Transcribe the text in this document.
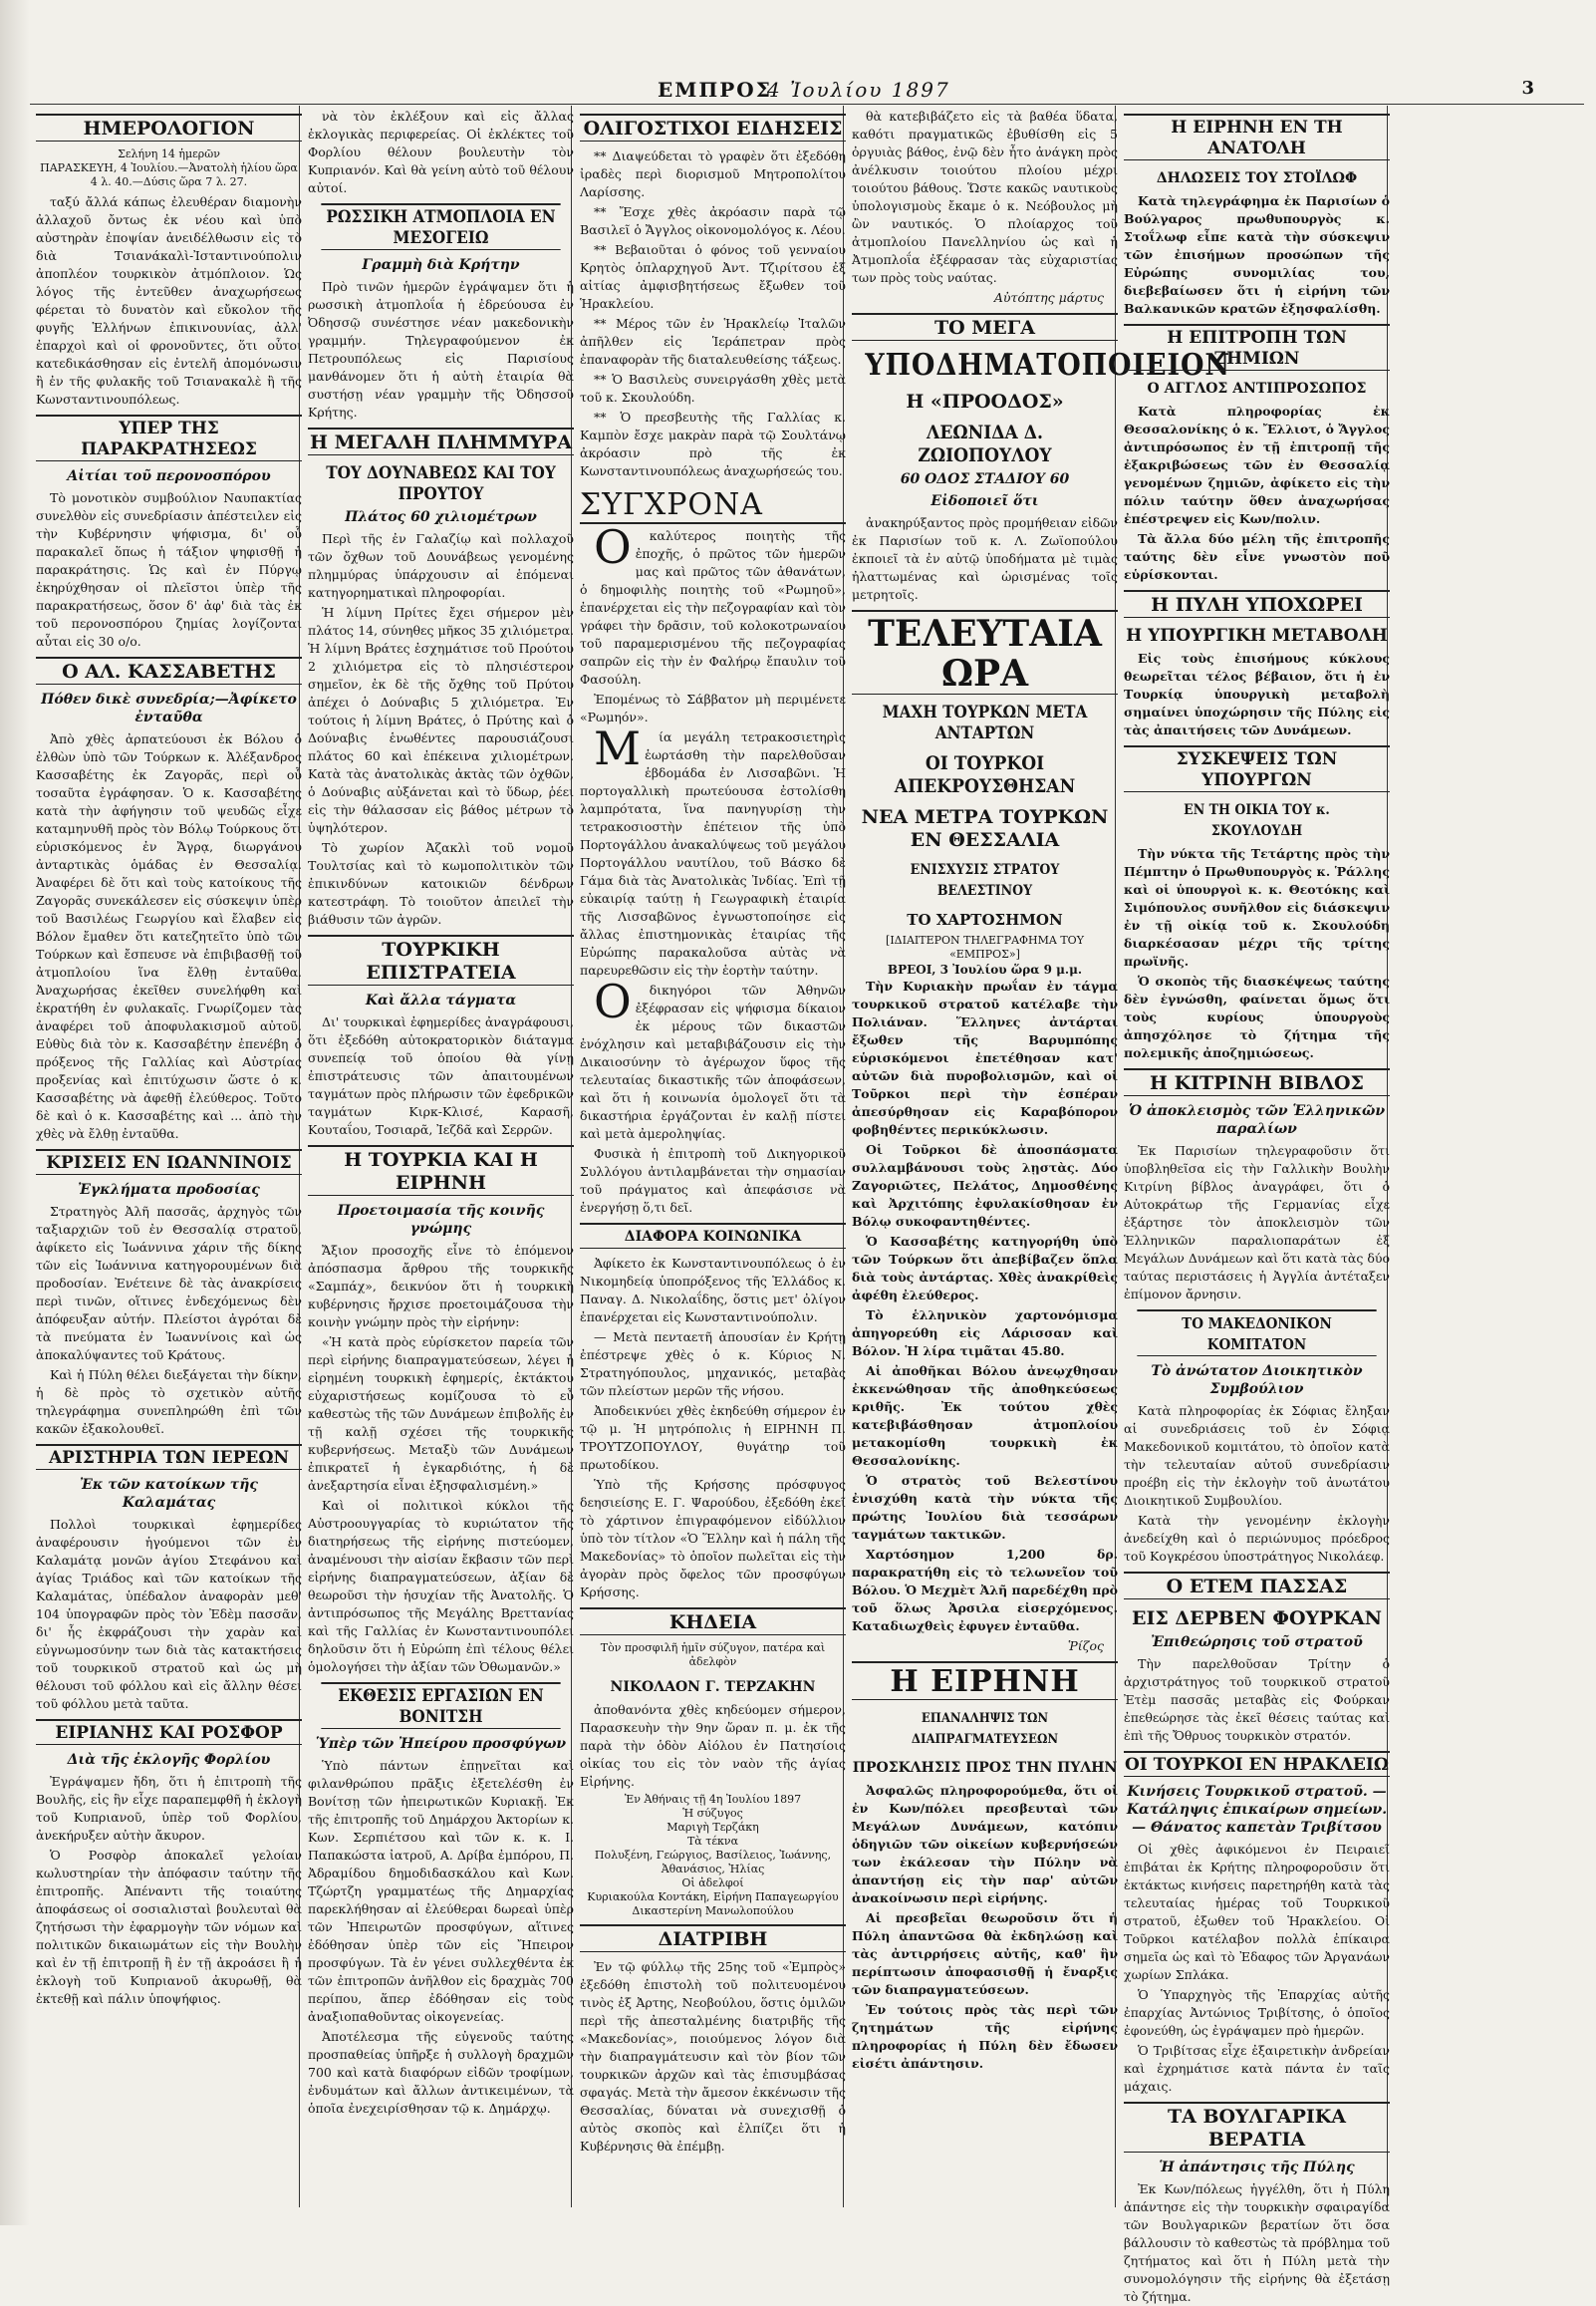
ΕΜΠΡΟΣ
4 Ἰουλίου 1897	3
ΗΜΕΡΟΛΟΓΙΟΝ
Σελήνη 14 ἡμερῶν
ΠΑΡΑΣΚΕΥΗ, 4 Ἰουλίου.—Ἀνατολὴ ἡλίου ὥρα 4 λ. 40.—Δύσις ὥρα 7 λ. 27.
ταξύ ἄλλά κάπως ἐλευθέραν διαμονὴν ἀλλαχοῦ ὄντως ἐκ νέου καὶ ὑπὸ αὐστηρὰν ἐποψίαν ἀνειδέλθωσιν εἰς τὸ διὰ Τσιανάκαλὶ-Ἰσταντινούπολιν ἀποπλέον τουρκικὸν ἀτμόπλοιον. Ὡς λόγος τῆς ἐντεῦθεν ἀναχωρήσεως φέρεται τὸ δυνατὸν καὶ εὔκολον τῆς φυγῆς Ἑλλήνων ἐπικινουνίας, ἀλλ' ἐπαρχοὶ καὶ οἱ φρονοῦντες, ὅτι οὗτοι κατεδικάσθησαν εἰς ἐντελῆ ἀπομόνωσιν ἢ ἐν τῆς φυλακῆς τοῦ Τσιανακαλὲ ἢ τῆς Κωνσταντινουπόλεως.
ΥΠΕΡ ΤΗΣ ΠΑΡΑΚΡΑΤΗΣΕΩΣ
Αἰτίαι τοῦ περονοσπόρου
Τὸ μονοτικὸν συμβούλιον Ναυπακτίας συνελθὸν εἰς συνεδρίασιν ἀπέστειλεν εἰς τὴν Κυβέρνησιν ψήφισμα, δι' οὗ παρακαλεῖ ὅπως ἡ τάξιον ψηφισθῇ ἡ παρακράτησις. Ὡς καὶ ἐν Πύργῳ ἐκηρύχθησαν οἱ πλεῖστοι ὑπὲρ τῆς παρακρατήσεως, ὅσον δ' ἀφ' διὰ τὰς ἐκ τοῦ περονοσπόρου ζημίας λογίζονται αὗται εἰς 30 ο/ο.
Ο ΑΛ. ΚΑΣΣΑΒΕΤΗΣ
Πόθεν δικὲ συνεδρία;—Ἀφίκετο ἐνταῦθα
Ἀπὸ χθὲς ἀρπατεύουσι ἐκ Βόλου ὁ ἐλθὼν ὑπὸ τῶν Τούρκων κ. Ἀλέξανδρος Κασσαβέτης ἐκ Ζαγορᾶς, περὶ οὗ τοσαῦτα ἐγράφησαν. Ὁ κ. Κασσαβέτης κατὰ τὴν ἀφήγησιν τοῦ ψευδῶς εἶχε καταμηνυθῆ πρὸς τὸν Βόλῳ Τούρκους ὅτι εὑρισκόμενος ἐν Ἄγρᾳ, διωργάνου ἀνταρτικὰς ὁμάδας ἐν Θεσσαλίᾳ. Ἀναφέρει δὲ ὅτι καὶ τοὺς κατοίκους τῆς Ζαγορᾶς συνεκάλεσεν εἰς σύσκεψιν ὑπὲρ τοῦ Βασιλέως Γεωργίου καὶ ἔλαβεν εἰς Βόλον ἔμαθεν ὅτι κατεζητεῖτο ὑπὸ τῶν Τούρκων καὶ ἔσπευσε νὰ ἐπιβιβασθῇ τοῦ ἀτμοπλοίου ἵνα ἔλθῃ ἐνταῦθα. Ἀναχωρήσας ἐκεῖθεν συνελήφθη καὶ ἐκρατήθη ἐν φυλακαῖς. Γνωρίζομεν τὰς ἀναφέρει τοῦ ἀποφυλακισμοῦ αὐτοῦ. Εὐθὺς διὰ τὸν κ. Κασσαβέτην ἐπενέβη ὁ πρόξενος τῆς Γαλλίας καὶ Αὐστρίας προξενίας καὶ ἐπιτύχωσιν ὥστε ὁ κ. Κασσαβέτης νὰ ἀφεθῇ ἐλεύθερος. Τοῦτο δὲ καὶ ὁ κ. Κασσαβέτης καὶ ... ἀπὸ τὴν χθὲς νὰ ἔλθῃ ἐνταῦθα.
ΚΡΙΣΕΙΣ ΕΝ ΙΩΑΝΝΙΝΟΙΣ
Ἐγκλήματα προδοσίας
Στρατηγὸς Ἀλῆ πασσᾶς, ἀρχηγὸς τῶν ταξιαρχιῶν τοῦ ἐν Θεσσαλίᾳ στρατοῦ, ἀφίκετο εἰς Ἰωάννινα χάριν τῆς δίκης τῶν εἰς Ἰωάννινα κατηγορουμένων διὰ προδοσίαν. Ἐνέτεινε δὲ τὰς ἀνακρίσεις περὶ τινῶν, οἵτινες ἐνδεχόμενως δὲν ἀπόφευξαν αὐτήν. Πλείστοι ἀγρόται δὲ τὰ πνεύματα ἐν Ἰωαννίνοις καὶ ὡς ἀποκαλύψαντες τοῦ Κράτους.
Καὶ ἡ Πύλη θέλει διεξάγεται τὴν δίκην, ἡ δὲ πρὸς τὸ σχετικὸν αὐτῆς τηλεγράφημα συνεπληρώθη ἐπὶ τῶν κακῶν ἐξακολουθεῖ.
ΑΡΙΣΤΗΡΙΑ ΤΩΝ ΙΕΡΕΩΝ
Ἐκ τῶν κατοίκων τῆς Καλαμάτας
Πολλοὶ τουρκικαὶ ἐφημερίδες ἀναφέρουσιν ἡγούμενοι τῶν ἐν Καλαμάτᾳ μονῶν ἁγίου Στεφάνου καὶ ἁγίας Τριάδος καὶ τῶν κατοίκων τῆς Καλαμάτας, ὑπέδαλον ἀναφορὰν μεθ' 104 ὑπογραφῶν πρὸς τὸν Ἐδὲμ πασσᾶν, δι' ἧς ἐκφράζουσι τὴν χαρὰν καὶ εὐγνωμοσύνην των διὰ τὰς κατακτήσεις τοῦ τουρκικοῦ στρατοῦ καὶ ὡς μὴ θέλουσι τοῦ φόλλου καὶ εἰς ἄλλην θέσει τοῦ φόλλου μετὰ ταῦτα.
ΕΙΡΙΑΝΗΣ ΚΑΙ ΡΟΣΦΟΡ
Διὰ τῆς ἐκλογῆς Φορλίου
Ἐγράψαμεν ἤδη, ὅτι ἡ ἐπιτροπὴ τῆς Βουλῆς, εἰς ἣν εἶχε παραπεμφθῆ ἡ ἐκλογὴ τοῦ Κυπριανοῦ, ὑπὲρ τοῦ Φορλίου, ἀνεκήρυξεν αὐτὴν ἄκυρον.
Ὁ Ροσφὸρ ἀποκαλεῖ γελοίαν κωλυστηρίαν τὴν ἀπόφασιν ταύτην τῆς ἐπιτροπῆς. Ἀπέναντι τῆς τοιαύτης ἀποφάσεως οἱ σοσιαλισταὶ βουλευταὶ θὰ ζητήσωσι τὴν ἐφαρμογὴν τῶν νόμων καὶ πολιτικῶν δικαιωμάτων εἰς τὴν Βουλὴν καὶ ἐν τῇ ἐπιτροπῇ ἢ ἐν τῇ ἀκροάσει ἢ ἡ ἐκλογὴ τοῦ Κυπριανοῦ ἀκυρωθῇ, θὰ ἐκτεθῇ καὶ πάλιν ὑποψήφιος.
νὰ τὸν ἐκλέξουν καὶ εἰς ἄλλας ἐκλογικὰς περιφερείας. Οἱ ἐκλέκτες τοῦ Φορλίου θέλουν βουλευτὴν τὸν Κυπριανόν. Καὶ θὰ γείνη αὐτὸ τοῦ θέλουν αὐτοί.
ΡΩΣΣΙΚΗ ΑΤΜΟΠΛΟΙΑ ΕΝ ΜΕΣΟΓΕΙΩ
Γραμμὴ διὰ Κρήτην
Πρὸ τινῶν ἡμερῶν ἐγράψαμεν ὅτι ἡ ρωσσικὴ ἀτμοπλοΐα ἡ ἐδρεύουσα ἐν Ὀδησσῷ συνέστησε νέαν μακεδονικὴν γραμμήν. Τηλεγραφούμενον ἐκ Πετρουπόλεως εἰς Παρισίους μανθάνομεν ὅτι ἡ αὐτὴ ἑταιρία θὰ συστήσῃ νέαν γραμμὴν τῆς Ὀδησσοῦ Κρήτης.
Η ΜΕΓΑΛΗ ΠΛΗΜΜΥΡΑ
ΤΟΥ ΔΟΥΝΑΒΕΩΣ ΚΑΙ ΤΟΥ ΠΡΟΥΤΟΥ
Πλάτος 60 χιλιομέτρων
Περὶ τῆς ἐν Γαλαζίῳ καὶ πολλαχοῦ τῶν ὄχθων τοῦ Δουνάβεως γενομένης πλημμύρας ὑπάρχουσιν αἱ ἑπόμεναι κατηγορηματικαὶ πληροφορίαι.
Ἡ λίμνη Πρίτες ἔχει σήμερον μὲν πλάτος 14, σύνηθες μῆκος 35 χιλιόμετρα. Ἡ λίμνη Βράτες ἐσχημάτισε τοῦ Προύτου 2 χιλιόμετρα εἰς τὸ πλησιέστερον σημεῖον, ἐκ δὲ τῆς ὄχθης τοῦ Πρύτου ἀπέχει ὁ Δούναβις 5 χιλιόμετρα. Ἐν τούτοις ἡ λίμνη Βράτες, ὁ Πρύτης καὶ ὁ Δούναβις ἑνωθέντες παρουσιάζουσι πλάτος 60 καὶ ἐπέκεινα χιλιομέτρων. Κατὰ τὰς ἀνατολικὰς ἀκτὰς τῶν ὀχθῶν, ὁ Δούναβις αὐξάνεται καὶ τὸ ὕδωρ, ῥέει εἰς τὴν θάλασσαν εἰς βάθος μέτρων τὸ ὑψηλότερον.
Τὸ χωρίον Ἀζακλὶ τοῦ νομοῦ Τουλτσίας καὶ τὸ κωμοπολιτικὸν τῶν ἐπικινδύνων κατοικιῶν δένδρων κατεστράφη. Τὸ τοιοῦτον ἀπειλεῖ τὴν βιάθυσιν τῶν ἀγρῶν.
ΤΟΥΡΚΙΚΗ ΕΠΙΣΤΡΑΤΕΙΑ
Καὶ ἄλλα τάγματα
Δι' τουρκικαὶ ἐφημερίδες ἀναγράφουσι, ὅτι ἐξεδόθη αὐτοκρατορικὸν διάταγμα συνεπείᾳ τοῦ ὁποίου θὰ γίνῃ ἐπιστράτευσις τῶν ἀπαιτουμένων ταγμάτων πρὸς πλήρωσιν τῶν ἐφεδρικῶν ταγμάτων Κιρκ-Κλισέ, Καρασῆ, Κουταΐου, Τοσιαρᾶ, Ἰεζδᾶ καὶ Σερρῶν.
Η ΤΟΥΡΚΙΑ ΚΑΙ Η ΕΙΡΗΝΗ
Προετοιμασία τῆς κοινῆς γνώμης
Ἄξιον προσοχῆς εἶνε τὸ ἑπόμενον ἀπόσπασμα ἄρθρου τῆς τουρκικῆς «Σαμπάχ», δεικνύον ὅτι ἡ τουρκικὴ κυβέρνησις ἤρχισε προετοιμάζουσα τὴν κοινὴν γνώμην πρὸς τὴν εἰρήνην:
«Ἡ κατὰ πρὸς εὑρίσκετον παρεία τῶν περὶ εἰρήνης διαπραγματεύσεων, λέγει ἡ εἰρημένη τουρκικὴ ἐφημερίς, ἐκτάκτου εὐχαριστήσεως κομίζουσα τὸ εὖ καθεστὼς τῆς τῶν Δυνάμεων ἐπιβολῆς ἐν τῇ καλῇ σχέσει τῆς τουρκικῆς κυβερνήσεως. Μεταξὺ τῶν Δυνάμεων ἐπικρατεῖ ἡ ἐγκαρδιότης, ἡ δὲ ἀνεξαρτησία εἶναι ἐξησφαλισμένη.»
Καὶ οἱ πολιτικοὶ κύκλοι τῆς Αὐστροουγγαρίας τὸ κυριώτατον τῆς διατηρήσεως τῆς εἰρήνης πιστεύομεν, ἀναμένουσι τὴν αἰσίαν ἔκβασιν τῶν περὶ εἰρήνης διαπραγματεύσεων, ἀξίαν δὲ θεωροῦσι τὴν ἡσυχίαν τῆς Ἀνατολῆς. Ὁ ἀντιπρόσωπος τῆς Μεγάλης Βρεττανίας καὶ τῆς Γαλλίας ἐν Κωνσταντινουπόλει δηλοῦσιν ὅτι ἡ Εὐρώπη ἐπὶ τέλους θέλει ὁμολογήσει τὴν ἀξίαν τῶν Ὀθωμανῶν.»
ΕΚΘΕΣΙΣ ΕΡΓΑΣΙΩΝ ΕΝ ΒΟΝΙΤΣΗ
Ὑπὲρ τῶν Ἠπείρου προσφύγων
Ὑπὸ πάντων ἐπῃνεῖται καὶ φιλανθρώπου πρᾶξις ἐξετελέσθη ἐν Βονίτσῃ τῶν ἠπειρωτικῶν Κυριακῇ. Ἐκ τῆς ἐπιτροπῆς τοῦ Δημάρχου Ἀκτορίων κ. Κων. Σερπιέτσου καὶ τῶν κ. κ. Ι. Παπακώστα ἰατροῦ, Α. Δρίβα ἐμπόρου, Π. Ἀδραμίδου δημοδιδασκάλου καὶ Κων. Τζώρτζη γραμματέως τῆς Δημαρχίας παρεκλήθησαν αἱ ἐλεύθεραι δωρεαὶ ὑπὲρ τῶν Ἠπειρωτῶν προσφύγων, αἵτινες ἐδόθησαν ὑπὲρ τῶν εἰς Ἤπειρον προσφύγων. Τὰ ἐν γένει συλλεχθέντα ἐκ τῶν ἐπιτροπῶν ἀνῆλθον εἰς δραχμὰς 700 περίπου, ἅπερ ἐδόθησαν εἰς τοὺς ἀναξιοπαθοῦντας οἰκογενείας.
Ἀποτέλεσμα τῆς εὐγενοῦς ταύτης προσπαθείας ὑπῆρξε ἡ συλλογὴ δραχμῶν 700 καὶ κατὰ διαφόρων εἰδῶν τροφίμων, ἐνδυμάτων καὶ ἄλλων ἀντικειμένων, τὰ ὁποῖα ἐνεχειρίσθησαν τῷ κ. Δημάρχῳ.
ΟΛΙΓΟΣΤΙΧΟΙ ΕΙΔΗΣΕΙΣ
** Διαψεύδεται τὸ γραφὲν ὅτι ἐξεδόθη ἰραδὲς περὶ διορισμοῦ Μητροπολίτου Λαρίσσης.
** Ἔσχε χθὲς ἀκρόασιν παρὰ τῷ Βασιλεῖ ὁ Ἄγγλος οἰκονομολόγος κ. Λέου.
** Βεβαιοῦται ὁ φόνος τοῦ γενναίου Κρητὸς ὁπλαρχηγοῦ Ἀντ. Τζιρίτσου ἐξ αἰτίας ἀμφισβητήσεως ἔξωθεν τοῦ Ἡρακλείου.
** Μέρος τῶν ἐν Ἡρακλείῳ Ἰταλῶν ἀπῆλθεν εἰς Ἱεράπετραν πρὸς ἐπαναφορὰν τῆς διαταλευθείσης τάξεως.
** Ὁ Βασιλεὺς συνειργάσθη χθὲς μετὰ τοῦ κ. Σκουλούδη.
** Ὁ πρεσβευτὴς τῆς Γαλλίας κ. Καμπὸν ἔσχε μακρὰν παρὰ τῷ Σουλτάνῳ ἀκρόασιν πρὸ τῆς ἐκ Κωνσταντινουπόλεως ἀναχωρήσεώς του.
ΣΥΓΧΡΟΝΑ
Ο	καλύτερος ποιητὴς τῆς ἐποχῆς, ὁ πρῶτος τῶν ἡμερῶν μας καὶ πρῶτος τῶν ἀθανάτων, ὁ δημοφιλὴς ποιητὴς τοῦ «Ρωμηοῦ», ἐπανέρχεται εἰς τὴν πεζογραφίαν καὶ τὸν γράφει τὴν δρᾶσιν, τοῦ κολοκοτρωναίου τοῦ παραμερισμένου τῆς πεζογραφίας σαπρῶν εἰς τὴν ἐν Φαλήρῳ ἔπαυλιν τοῦ Φασούλη.
Ἐπομένως τὸ Σάββατον μὴ περιμένετε «Ρωμηόν».
Μ	ία μεγάλη τετρακοσιετηρὶς ἑωρτάσθη τὴν παρελθοῦσαν ἑβδομάδα ἐν Λισσαβῶνι. Ἡ πορτογαλλικὴ πρωτεύουσα ἐστολίσθη λαμπρότατα, ἵνα πανηγυρίσῃ τὴν τετρακοσιοστὴν ἐπέτειον τῆς ὑπὸ Πορτογάλλου ἀνακαλύψεως τοῦ μεγάλου Πορτογάλλου ναυτίλου, τοῦ Βάσκο δὲ Γάμα διὰ τὰς Ἀνατολικὰς Ἰνδίας. Ἐπὶ τῇ εὐκαιρίᾳ ταύτῃ ἡ Γεωγραφικὴ ἑταιρία τῆς Λισσαβῶνος ἐγνωστοποίησε εἰς ἄλλας ἐπιστημονικὰς ἑταιρίας τῆς Εὐρώπης παρακαλοῦσα αὐτὰς νὰ παρευρεθῶσιν εἰς τὴν ἑορτὴν ταύτην.
Ο	δικηγόροι τῶν Ἀθηνῶν ἐξέφρασαν εἰς ψήφισμα δίκαιον ἐκ μέρους τῶν δικαστῶν ἐνόχλησιν καὶ μεταβιβάζουσιν εἰς τὴν Δικαιοσύνην τὸ ἀγέρωχον ὕφος τῆς τελευταίας δικαστικῆς τῶν ἀποφάσεων, καὶ ὅτι ἡ κοινωνία ὁμολογεῖ ὅτι τὰ δικαστήρια ἐργάζονται ἐν καλῇ πίστει καὶ μετὰ ἀμεροληψίας.
Φυσικὰ ἡ ἐπιτροπὴ τοῦ Δικηγορικοῦ Συλλόγου ἀντιλαμβάνεται τὴν σημασίαν τοῦ πράγματος καὶ ἀπεφάσισε νὰ ἐνεργήσῃ ὅ,τι δεῖ.
ΔΙΑΦΟΡΑ ΚΟΙΝΩΝΙΚΑ
Ἀφίκετο ἐκ Κωνσταντινουπόλεως ὁ ἐν Νικομηδείᾳ ὑποπρόξενος τῆς Ἑλλάδος κ. Παναγ. Δ. Νικολαΐδης, ὅστις μετ' ὀλίγον ἐπανέρχεται εἰς Κωνσταντινούπολιν.
— Μετὰ πενταετῆ ἀπουσίαν ἐν Κρήτῃ ἐπέστρεψε χθὲς ὁ κ. Κύριος Ν. Στρατηγόπουλος, μηχανικός, μεταβὰς τῶν πλείστων μερῶν τῆς νήσου.
Ἀποδεικνύει χθὲς ἐκηδεύθη σήμερον ἐν τῷ μ. Ἡ μητρόπολις ἡ ΕΙΡΗΝΗ Π. ΤΡΟΥΤΖΟΠΟΥΛΟΥ, θυγάτηρ τοῦ πρωτοδίκου.
Ὑπὸ τῆς Κρήσσης πρόσφυγος δεησιείσης Ε. Γ. Ψαρούδου, ἐξεδόθη ἐκεῖ τὸ χάρτινον ἐπιγραφόμενον εἰδύλλιον ὑπὸ τὸν τίτλον «Ὁ Ἕλλην καὶ ἡ πάλη τῆς Μακεδονίας» τὸ ὁποῖον πωλεῖται εἰς τὴν ἀγορὰν πρὸς ὄφελος τῶν προσφύγων Κρήσσης.
ΚΗΔΕΙΑ
Τὸν προσφιλῆ ἡμῖν σύζυγον, πατέρα καὶ ἀδελφὸν
ΝΙΚΟΛΑΟΝ Γ. ΤΕΡΖΑΚΗΝ
ἀποθανόντα χθὲς κηδεύομεν σήμερον, Παρασκευὴν τὴν 9ην ὥραν π. μ. ἐκ τῆς παρὰ τὴν ὁδὸν Αἰόλου ἐν Πατησίοις οἰκίας του εἰς τὸν ναὸν τῆς ἁγίας Εἰρήνης.
Ἐν Ἀθήναις τῇ 4η Ἰουλίου 1897
Ἡ σύζυγος
Μαριγὴ Τερζάκη
Τὰ τέκνα
Πολυξένη, Γεώργιος, Βασίλειος, Ἰωάννης, Ἀθανάσιος, Ἠλίας
Οἱ ἀδελφοί
Κυριακούλα Κοντάκη, Εἰρήνη Παπαγεωργίου Δικαστερίνη Μανωλοπούλου
ΔΙΑΤΡΙΒΗ
Ἐν τῷ φύλλῳ τῆς 25ης τοῦ «Ἐμπρὸς» ἐξεδόθη ἐπιστολὴ τοῦ πολιτευομένου τινὸς ἐξ Ἀρτης, Νεοβούλου, ὅστις ὁμιλῶν περὶ τῆς ἀπεσταλμένης διατριβῆς τῆς «Μακεδονίας», ποιούμενος λόγον διὰ τὴν διαπραγμάτευσιν καὶ τὸν βίον τῶν τουρκικῶν ἀρχῶν καὶ τὰς ἐπισυμβάσας σφαγάς. Μετὰ τὴν ἄμεσον ἐκκένωσιν τῆς Θεσσαλίας, δύναται νὰ συνεχισθῇ ὁ αὐτὸς σκοπὸς καὶ ἐλπίζει ὅτι ἡ Κυβέρνησις θὰ ἐπέμβῃ.
θὰ κατεβιβάζετο εἰς τὰ βαθέα ὕδατα, καθότι πραγματικῶς ἐβυθίσθη εἰς 5 ὀργυιὰς βάθος, ἐνῷ δὲν ἦτο ἀνάγκη πρὸς ἀνέλκυσιν τοιούτου πλοίου μέχρι τοιούτου βάθους. Ὥστε κακῶς ναυτικοὺς ὑπολογισμοὺς ἔκαμε ὁ κ. Νεόβουλος μὴ ὢν ναυτικός. Ὁ πλοίαρχος τοῦ ἀτμοπλοίου Πανελληνίου ὡς καὶ ἡ Ἀτμοπλοΐα ἐξέφρασαν τὰς εὐχαριστίας των πρὸς τοὺς ναύτας.
Αὐτόπτης μάρτυς
ΤΟ ΜΕΓΑ
ΥΠΟΔΗΜΑΤΟΠΟΙΕΙΟΝ
Η «ΠΡΟΟΔΟΣ»
ΛΕΩΝΙΔΑ Δ. ΖΩΙΟΠΟΥΛΟΥ
60 ΟΔΟΣ ΣΤΑΔΙΟΥ 60
Εἰδοποιεῖ ὅτι
ἀνακηρύξαντος πρὸς προμήθειαν εἰδῶν ἐκ Παρισίων τοῦ κ. Λ. Ζωϊοπούλου ἐκποιεῖ τὰ ἐν αὐτῷ ὑποδήματα μὲ τιμὰς ἠλαττωμένας καὶ ὡρισμένας τοῖς μετρητοῖς.
ΤΕΛΕΥΤΑΙΑ ΩΡΑ
ΜΑΧΗ ΤΟΥΡΚΩΝ ΜΕΤΑ ΑΝΤΑΡΤΩΝ
ΟΙ ΤΟΥΡΚΟΙ ΑΠΕΚΡΟΥΣΘΗΣΑΝ
ΝΕΑ ΜΕΤΡΑ ΤΟΥΡΚΩΝ ΕΝ ΘΕΣΣΑΛΙΑ
ΕΝΙΣΧΥΣΙΣ ΣΤΡΑΤΟΥ ΒΕΛΕΣΤΙΝΟΥ
ΤΟ ΧΑΡΤΟΣΗΜΟΝ
[ΙΔΙΑΙΤΕΡΟΝ ΤΗΛΕΓΡΑΦΗΜΑ ΤΟΥ «ΕΜΠΡΟΣ»]
ΒΡΕΟΙ, 3 Ἰουλίου ὥρα 9 μ.μ.
Τὴν Κυριακὴν πρωΐαν ἐν τάγμα τουρκικοῦ στρατοῦ κατέλαβε τὴν Πολιάναν. Ἕλληνες ἀντάρται ἔξωθεν τῆς Βαρυμπόπης εὑρισκόμενοι ἐπετέθησαν κατ' αὐτῶν διὰ πυροβολισμῶν, καὶ οἱ Τοῦρκοι περὶ τὴν ἑσπέραν ἀπεσύρθησαν εἰς Καραβόπορον φοβηθέντες περικύκλωσιν.
Οἱ Τοῦρκοι δὲ ἀποσπάσματα συλλαμβάνουσι τοὺς λῃστὰς. Δύο Ζαγοριῶτες, Πελάτος, Δημοσθένης καὶ Ἀρχιτόπης ἐφυλακίσθησαν ἐν Βόλῳ συκοφαντηθέντες.
Ὁ Κασσαβέτης κατηγορήθη ὑπὸ τῶν Τούρκων ὅτι ἀπεβίβαζεν ὅπλα διὰ τοὺς ἀντάρτας. Χθὲς ἀνακρίθεὶς ἀφέθη ἐλεύθερος.
Τὸ ἑλληνικὸν χαρτονόμισμα ἀπηγορεύθη εἰς Λάρισσαν καὶ Βόλον. Ἡ λίρα τιμᾶται 45.80.
Αἱ ἀποθῆκαι Βόλου ἀνεῳχθησαν ἐκκενώθησαν τῆς ἀποθηκεύσεως κριθῆς. Ἐκ τούτου χθὲς κατεβιβάσθησαν ἀτμοπλοίου μετακομίσθη τουρκικὴ ἐκ Θεσσαλονίκης.
Ὁ στρατὸς τοῦ Βελεστίνου ἐνισχύθη κατὰ τὴν νύκτα τῆς πρώτης Ἰουλίου διὰ τεσσάρων ταγμάτων τακτικῶν.
Χαρτόσημον 1,200 δρ. παρακρατήθη εἰς τὸ τελωνεῖον τοῦ Βόλου. Ὁ Μεχμὲτ Ἀλῆ παρεδέχθη πρὸ τοῦ ὅλως Ἀρσιλα εἰσερχόμενος. Καταδιωχθεὶς ἐφυγεν ἐνταῦθα.
Ῥίζος
Η ΕΙΡΗΝΗ
ΕΠΑΝΑΛΗΨΙΣ ΤΩΝ ΔΙΑΠΡΑΓΜΑΤΕΥΣΕΩΝ
ΠΡΟΣΚΛΗΣΙΣ ΠΡΟΣ ΤΗΝ ΠΥΛΗΝ
Ἀσφαλῶς πληροφορούμεθα, ὅτι οἱ ἐν Κων/πόλει πρεσβευταὶ τῶν Μεγάλων Δυνάμεων, κατόπιν ὁδηγιῶν τῶν οἰκείων κυβερνήσεών των ἐκάλεσαν τὴν Πύλην νὰ ἀπαντήσῃ εἰς τὴν παρ' αὐτῶν ἀνακοίνωσιν περὶ εἰρήνης.
Αἱ πρεσβεῖαι θεωροῦσιν ὅτι ἡ Πύλη ἀπαντῶσα θὰ ἐκδηλώσῃ καὶ τὰς ἀντιρρήσεις αὐτῆς, καθ' ἣν περίπτωσιν ἀποφασισθῇ ἡ ἔναρξις τῶν διαπραγματεύσεων.
Ἐν τούτοις πρὸς τὰς περὶ τῶν ζητημάτων τῆς εἰρήνης πληροφορίας ἡ Πύλη δὲν ἔδωσεν εἰσέτι ἀπάντησιν.
Η ΕΙΡΗΝΗ ΕΝ ΤΗ ΑΝΑΤΟΛΗ
ΔΗΛΩΣΕΙΣ ΤΟΥ ΣΤΟΪΛΩΦ
Κατὰ τηλεγράφημα ἐκ Παρισίων ὁ Βούλγαρος πρωθυπουργὸς κ. Στοΐλωφ εἶπε κατὰ τὴν σύσκεψιν τῶν ἐπισήμων προσώπων τῆς Εὐρώπης συνομιλίας του, διεβεβαίωσεν ὅτι ἡ εἰρήνη τῶν Βαλκανικῶν κρατῶν ἐξησφαλίσθη.
Η ΕΠΙΤΡΟΠΗ ΤΩΝ ΖΗΜΙΩΝ
Ο ΑΓΓΛΟΣ ΑΝΤΙΠΡΟΣΩΠΟΣ
Κατὰ πληροφορίας ἐκ Θεσσαλονίκης ὁ κ. Ἔλλιοτ, ὁ Ἄγγλος ἀντιπρόσωπος ἐν τῇ ἐπιτροπῇ τῆς ἐξακριβώσεως τῶν ἐν Θεσσαλίᾳ γενομένων ζημιῶν, ἀφίκετο εἰς τὴν πόλιν ταύτην ὅθεν ἀναχωρήσας ἐπέστρεψεν εἰς Κων/πολιν.
Τὰ ἄλλα δύο μέλη τῆς ἐπιτροπῆς ταύτης δὲν εἶνε γνωστὸν ποῦ εὑρίσκονται.
Η ΠΥΛΗ ΥΠΟΧΩΡΕΙ
Η ΥΠΟΥΡΓΙΚΗ ΜΕΤΑΒΟΛΗ
Εἰς τοὺς ἐπισήμους κύκλους θεωρεῖται τέλος βέβαιον, ὅτι ἡ ἐν Τουρκίᾳ ὑπουργικὴ μεταβολὴ σημαίνει ὑποχώρησιν τῆς Πύλης εἰς τὰς ἀπαιτήσεις τῶν Δυνάμεων.
ΣΥΣΚΕΨΕΙΣ ΤΩΝ ΥΠΟΥΡΓΩΝ
ΕΝ ΤΗ ΟΙΚΙΑ ΤΟΥ κ. ΣΚΟΥΛΟΥΔΗ
Τὴν νύκτα τῆς Τετάρτης πρὸς τὴν Πέμπτην ὁ Πρωθυπουργὸς κ. Ῥάλλης καὶ οἱ ὑπουργοὶ κ. κ. Θεοτόκης καὶ Σιμόπουλος συνῆλθον εἰς διάσκεψιν ἐν τῇ οἰκίᾳ τοῦ κ. Σκουλούδη διαρκέσασαν μέχρι τῆς τρίτης πρωϊνῆς.
Ὁ σκοπὸς τῆς διασκέψεως ταύτης δὲν ἐγνώσθη, φαίνεται ὅμως ὅτι τοὺς κυρίους ὑπουργοὺς ἀπησχόλησε τὸ ζήτημα τῆς πολεμικῆς ἀποζημιώσεως.
Η ΚΙΤΡΙΝΗ ΒΙΒΛΟΣ
Ὁ ἀποκλεισμὸς τῶν Ἑλληνικῶν παραλίων
Ἐκ Παρισίων τηλεγραφοῦσιν ὅτι ὑποβληθεῖσα εἰς τὴν Γαλλικὴν Βουλὴν Κιτρίνη βίβλος ἀναγράφει, ὅτι ὁ Αὐτοκράτωρ τῆς Γερμανίας εἶχε ἐξάρτησε τὸν ἀποκλεισμὸν τῶν Ἑλληνικῶν παραλιοπαράτων ἐξ Μεγάλων Δυνάμεων καὶ ὅτι κατὰ τὰς δύο ταύτας περιστάσεις ἡ Ἀγγλία ἀντέταξεν ἐπίμονον ἄρνησιν.
ΤΟ ΜΑΚΕΔΟΝΙΚΟΝ ΚΟΜΙΤΑΤΟΝ
Τὸ ἀνώτατον Διοικητικὸν Συμβούλιον
Κατὰ πληροφορίας ἐκ Σόφιας ἔληξαν αἱ συνεδριάσεις τοῦ ἐν Σόφιᾳ Μακεδονικοῦ κομιτάτου, τὸ ὁποῖον κατὰ τὴν τελευταίαν αὐτοῦ συνεδρίασιν προέβη εἰς τὴν ἐκλογὴν τοῦ ἀνωτάτου Διοικητικοῦ Συμβουλίου.
Κατὰ τὴν γενομένην ἐκλογὴν ἀνεδείχθη καὶ ὁ περιώνυμος πρόεδρος τοῦ Κογκρέσου ὑποστράτηγος Νικολάεφ.
Ο ΕΤΕΜ ΠΑΣΣΑΣ
ΕΙΣ ΔΕΡΒΕΝ ΦΟΥΡΚΑΝ
Ἐπιθεώρησις τοῦ στρατοῦ
Τὴν παρελθοῦσαν Τρίτην ὁ ἀρχιστράτηγος τοῦ τουρκικοῦ στρατοῦ Ἐτὲμ πασσᾶς μεταβὰς εἰς Φούρκαν ἐπεθεώρησε τὰς ἐκεῖ θέσεις ταύτας καὶ ἐπὶ τῆς Ὄθρυος τουρκικὸν στρατόν.
ΟΙ ΤΟΥΡΚΟΙ ΕΝ ΗΡΑΚΛΕΙΩ
Κινήσεις Τουρκικοῦ στρατοῦ. — Κατάληψις ἐπικαίρων σημείων. — Θάνατος καπετὰν Τριβίτσου
Οἱ χθὲς ἀφικόμενοι ἐν Πειραιεῖ ἐπιβάται ἐκ Κρήτης πληροφοροῦσιν ὅτι ἐκτάκτως κινήσεις παρετηρήθη κατὰ τὰς τελευταίας ἡμέρας τοῦ Τουρκικοῦ στρατοῦ, ἐξωθεν τοῦ Ἡρακλείου. Οἱ Τοῦρκοι κατέλαβον πολλὰ ἐπίκαιρα σημεῖα ὡς καὶ τὸ Ἐδαφος τῶν Ἀργανάων χωρίων Σπλάκα.
Ὁ Ὑπαρχηγὸς τῆς Ἐπαρχίας αὐτῆς ἐπαρχίας Ἀντώνιος Τριβίτσης, ὁ ὁποῖος ἐφονεύθη, ὡς ἐγράψαμεν πρὸ ἡμερῶν.
Ὁ Τριβίτσας εἶχε ἐξαιρετικὴν ἀνδρείαν καὶ ἐχρημάτισε κατὰ πάντα ἐν ταῖς μάχαις.
ΤΑ ΒΟΥΛΓΑΡΙΚΑ ΒΕΡΑΤΙΑ
Ἡ ἀπάντησις τῆς Πύλης
Ἐκ Κων/πόλεως ἠγγέλθη, ὅτι ἡ Πύλη ἀπάντησε εἰς τὴν τουρκικὴν σφαιραγίδα τῶν Βουλγαρικῶν βερατίων ὅτι ὅσα βάλλουσιν τὸ καθεστὼς τὰ πρόβλημα τοῦ ζητήματος καὶ ὅτι ἡ Πύλη μετὰ τὴν συνομολόγησιν τῆς εἰρήνης θὰ ἐξετάσῃ τὸ ζήτημα.
